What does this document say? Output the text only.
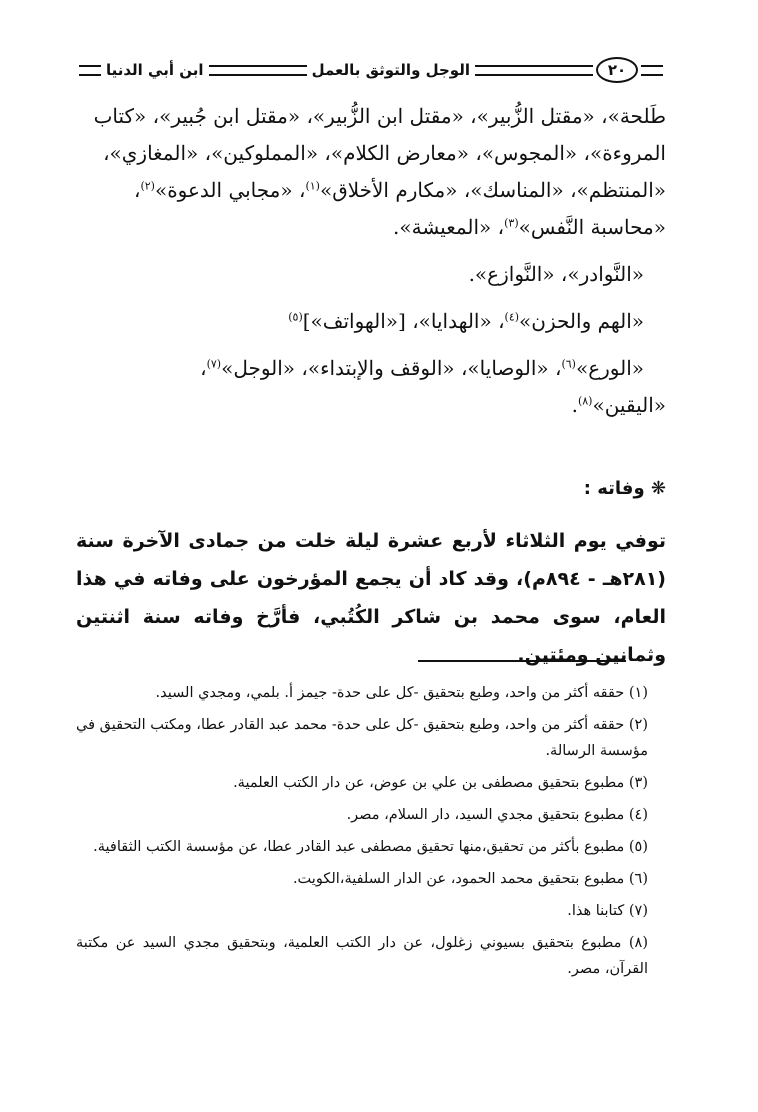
٢٠
الوجل والتوثق بالعمل
ابن أبي الدنيا
طَلحة»، «مقتل الزُّبير»، «مقتل ابن الزُّبير»، «مقتل ابن جُبير»، «كتاب
المروءة»، «المجوس»، «معارض الكلام»، «المملوكين»، «المغازي»،
«المنتظم»، «المناسك»، «مكارم الأخلاق»$^{(١)}$، «مجابي الدعوة»$^{(٢)}$،
«محاسبة النَّفس»$^{(٣)}$، «المعيشة».
«النَّوادر»، «النَّوازع».
«الهم والحزن»$^{(٤)}$، «الهدايا»، [«الهواتف»]$^{(٥)}$
«الورع»$^{(٦)}$، «الوصايا»، «الوقف والإبتداء»، «الوجل»$^{(٧)}$،
«اليقين»$^{(٨)}$.
❋ وفاته :
توفي يوم الثلاثاء لأربع عشرة ليلة خلت من جمادى الآخرة سنة (٢٨١هـ - ٨٩٤م)، وقد كاد أن يجمع المؤرخون على وفاته في هذا العام، سوى محمد بن شاكر الكُتُبي، فأرَّخ وفاته سنة اثنتين وثمانين ومئتين.
(١) حققه أكثر من واحد، وطبع بتحقيق -كل على حدة- جيمز أ. بلمي، ومجدي السيد.
(٢) حققه أكثر من واحد، وطبع بتحقيق -كل على حدة- محمد عبد القادر عطا، ومكتب التحقيق في مؤسسة الرسالة.
(٣) مطبوع بتحقيق مصطفى بن علي بن عوض، عن دار الكتب العلمية.
(٤) مطبوع بتحقيق مجدي السيد، دار السلام، مصر.
(٥) مطبوع بأكثر من تحقيق،منها تحقيق مصطفى عبد القادر عطا، عن مؤسسة الكتب الثقافية.
(٦) مطبوع بتحقيق محمد الحمود، عن الدار السلفية،الكويت.
(٧) كتابنا هذا.
(٨) مطبوع بتحقيق بسيوني زغلول، عن دار الكتب العلمية، وبتحقيق مجدي السيد عن مكتبة القرآن، مصر.
